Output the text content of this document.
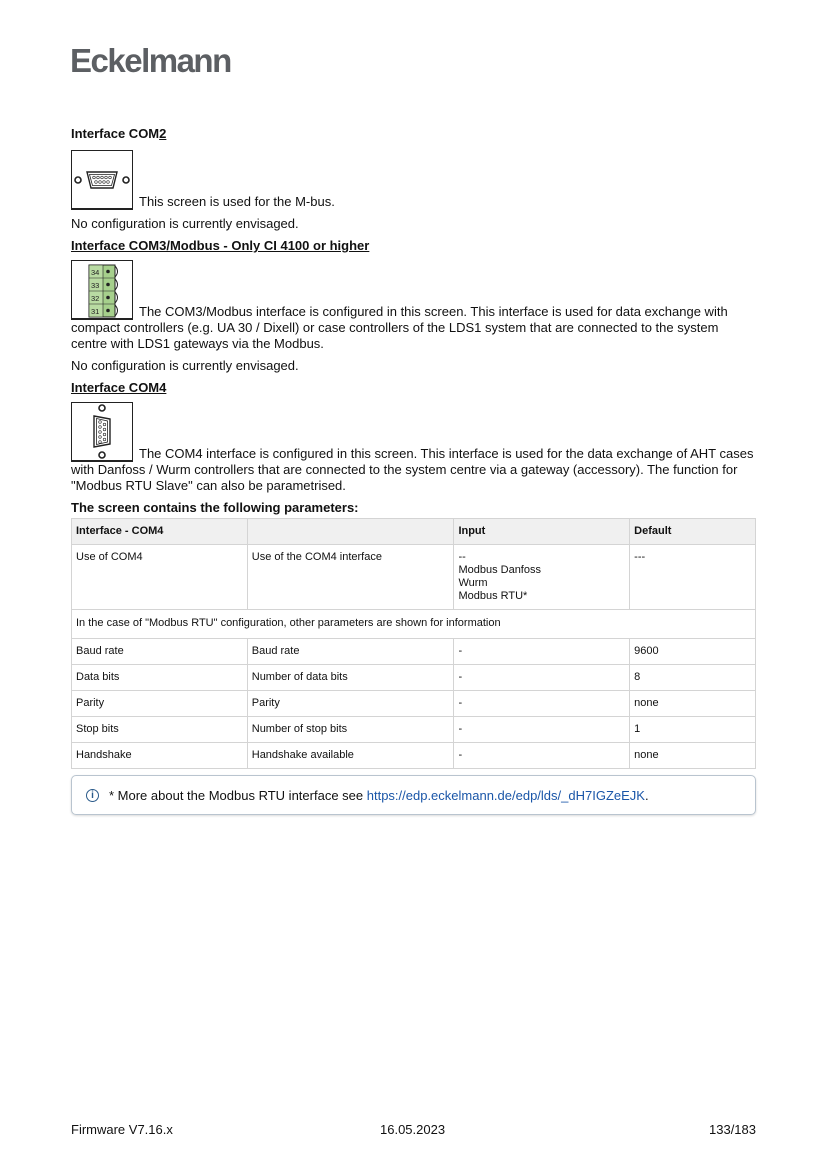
Eckelmann

Interface COM2

This screen is used for the M-bus.

No configuration is currently envisaged.

Interface COM3/Modbus - Only CI 4100 or higher

34
33
32
31	The COM3/Modbus interface is configured in this screen. This interface is used for data exchange with compact controllers (e.g. UA 30 / Dixell) or case controllers of the LDS1 system that are connected to the system centre with LDS1 gateways via the Modbus.

No configuration is currently envisaged.

Interface COM4

The COM4 interface is configured in this screen. This interface is used for the data exchange of AHT cases with Danfoss / Wurm controllers that are connected to the system centre via a gateway (accessory). The function for "Modbus RTU Slave" can also be parametrised.

The screen contains the following parameters:

Interface - COM4		Input	Default
Use of COM4	Use of the COM4 interface	--
Modbus Danfoss
Wurm
Modbus RTU*	---
In the case of "Modbus RTU" configuration, other parameters are shown for information			
Baud rate	Baud rate	-	9600
Data bits	Number of data bits	-	8
Parity	Parity	-	none
Stop bits	Number of stop bits	-	1
Handshake	Handshake available	-	none
i	* More about the Modbus RTU interface see https://edp.eckelmann.de/edp/lds/_dH7IGZeEJK.
Firmware V7.16.x	16.05.2023	133/183
